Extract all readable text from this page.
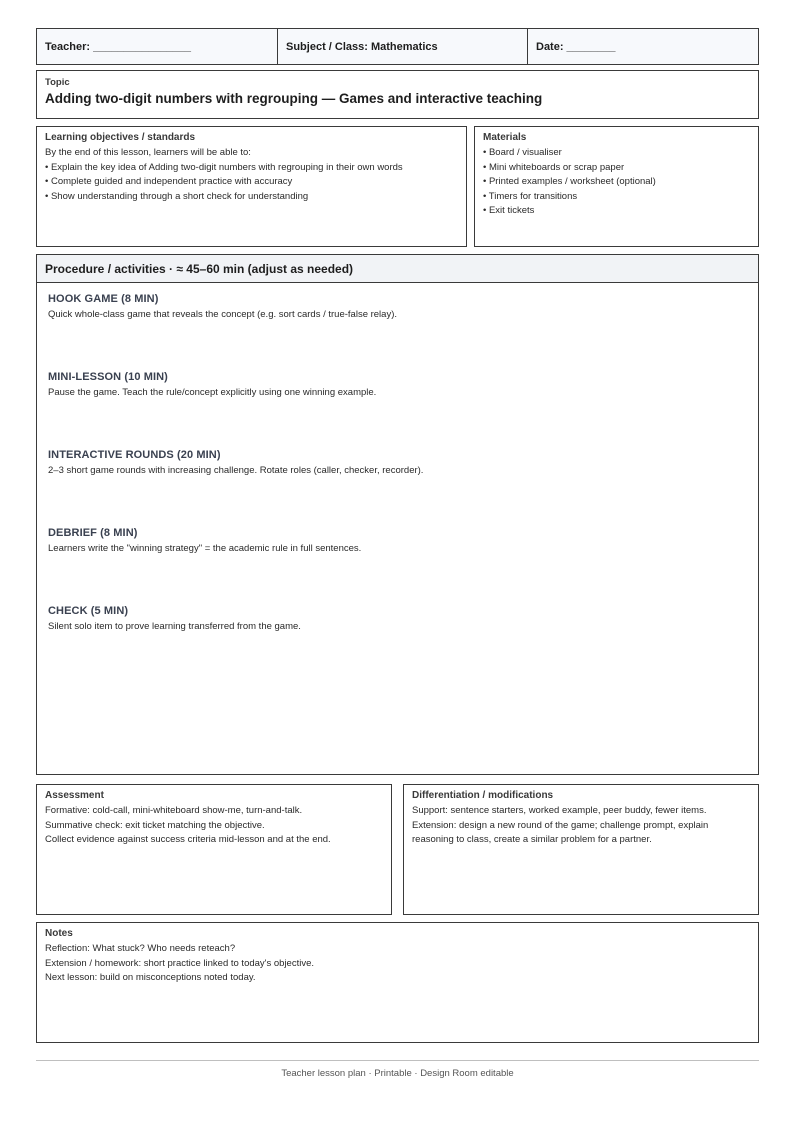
Teacher: ________________	Subject / Class: Mathematics	Date: ________
Topic
Adding two-digit numbers with regrouping — Games and interactive teaching
Learning objectives / standards
By the end of this lesson, learners will be able to:
• Explain the key idea of Adding two-digit numbers with regrouping in their own words
• Complete guided and independent practice with accuracy
• Show understanding through a short check for understanding
Materials
• Board / visualiser
• Mini whiteboards or scrap paper
• Printed examples / worksheet (optional)
• Timers for transitions
• Exit tickets
Procedure / activities · ≈ 45–60 min (adjust as needed)
HOOK GAME (8 MIN)
Quick whole-class game that reveals the concept (e.g. sort cards / true-false relay).
MINI-LESSON (10 MIN)
Pause the game. Teach the rule/concept explicitly using one winning example.
INTERACTIVE ROUNDS (20 MIN)
2–3 short game rounds with increasing challenge. Rotate roles (caller, checker, recorder).
DEBRIEF (8 MIN)
Learners write the "winning strategy" = the academic rule in full sentences.
CHECK (5 MIN)
Silent solo item to prove learning transferred from the game.
Assessment
Formative: cold-call, mini-whiteboard show-me, turn-and-talk.
Summative check: exit ticket matching the objective.
Collect evidence against success criteria mid-lesson and at the end.
Differentiation / modifications
Support: sentence starters, worked example, peer buddy, fewer items.
Extension: design a new round of the game; challenge prompt, explain
reasoning to class, create a similar problem for a partner.
Notes
Reflection: What stuck? Who needs reteach?
Extension / homework: short practice linked to today's objective.
Next lesson: build on misconceptions noted today.
Teacher lesson plan · Printable · Design Room editable
